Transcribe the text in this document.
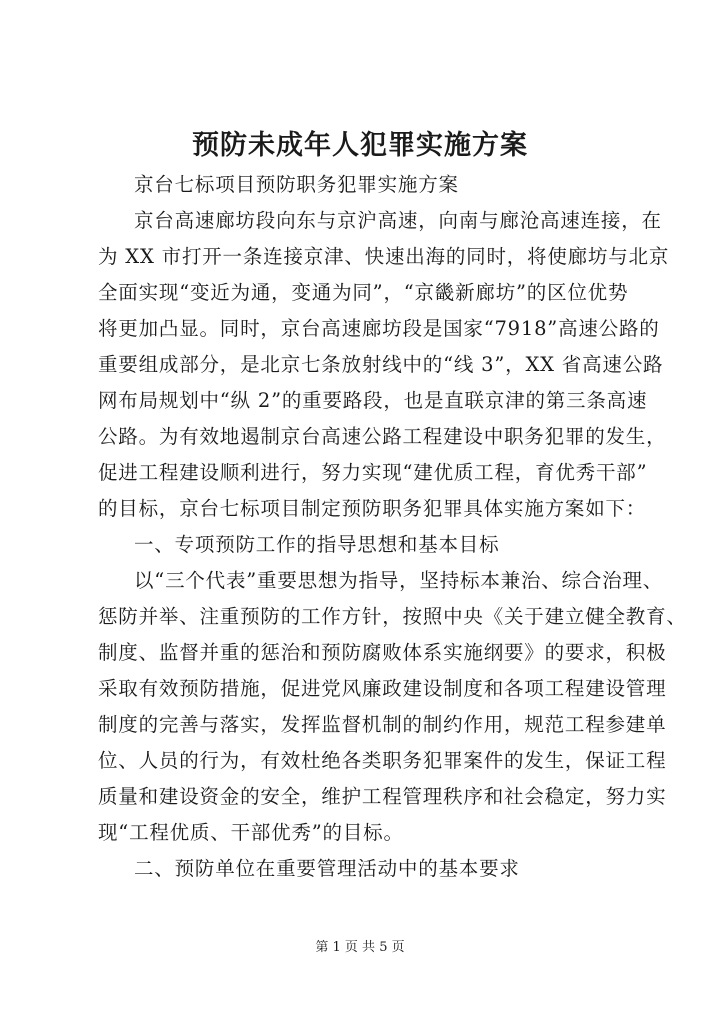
预防未成年人犯罪实施方案
京台七标项目预防职务犯罪实施方案
京台高速廊坊段向东与京沪高速，向南与廊沧高速连接，在
为 XX 市打开一条连接京津、快速出海的同时，将使廊坊与北京
全面实现“变近为通，变通为同”，“京畿新廊坊”的区位优势
将更加凸显。同时，京台高速廊坊段是国家“7918”高速公路的
重要组成部分，是北京七条放射线中的“线 3”，XX 省高速公路
网布局规划中“纵 2”的重要路段，也是直联京津的第三条高速
公路。为有效地遏制京台高速公路工程建设中职务犯罪的发生，
促进工程建设顺利进行，努力实现“建优质工程，育优秀干部”
的目标，京台七标项目制定预防职务犯罪具体实施方案如下：
一、专项预防工作的指导思想和基本目标
以“三个代表”重要思想为指导，坚持标本兼治、综合治理、
惩防并举、注重预防的工作方针，按照中央《关于建立健全教育、
制度、监督并重的惩治和预防腐败体系实施纲要》的要求，积极
采取有效预防措施，促进党风廉政建设制度和各项工程建设管理
制度的完善与落实，发挥监督机制的制约作用，规范工程参建单
位、人员的行为，有效杜绝各类职务犯罪案件的发生，保证工程
质量和建设资金的安全，维护工程管理秩序和社会稳定，努力实
现“工程优质、干部优秀”的目标。
二、预防单位在重要管理活动中的基本要求
第 1 页 共 5 页
